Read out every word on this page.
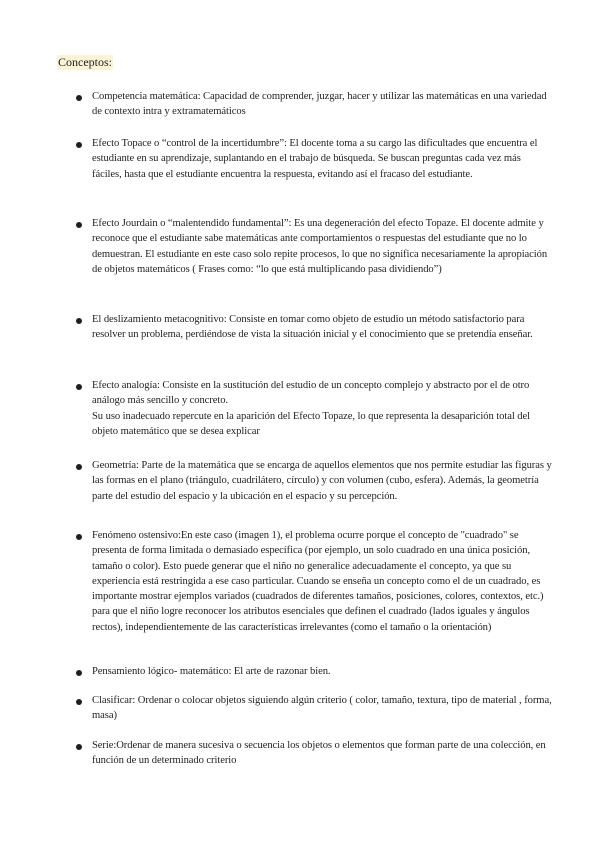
Conceptos:

Competencia matemática: Capacidad de comprender, juzgar, hacer y utilizar las matemáticas en una variedad de contexto intra y extramatemáticos

Efecto Topace o “control de la incertidumbre”: El docente toma a su cargo las dificultades que encuentra el estudiante en su aprendizaje, suplantando en el trabajo de búsqueda. Se buscan preguntas cada vez más fáciles, hasta que el estudiante encuentra la respuesta, evitando así el fracaso del estudiante.

Efecto Jourdain o “malentendido fundamental”: Es una degeneración del efecto Topaze. El docente admite y reconoce que el estudiante sabe matemáticas ante comportamientos o respuestas del estudiante que no lo demuestran. El estudiante en este caso solo repite procesos, lo que no significa necesariamente la apropiación de objetos matemáticos ( Frases como: “lo que está multiplicando pasa dividiendo”)

El deslizamiento metacognitivo: Consiste en tomar como objeto de estudio un método satisfactorio para resolver un problema, perdiéndose de vista la situación inicial y el conocimiento que se pretendía enseñar.

Efecto analogía: Consiste en la sustitución del estudio de un concepto complejo y abstracto por el de otro análogo más sencillo y concreto.

Su uso inadecuado repercute en la aparición del Efecto Topaze, lo que representa la desaparición total del objeto matemático que se desea explicar

Geometría: Parte de la matemática que se encarga de aquellos elementos que nos permite estudiar las figuras y las formas en el plano (triángulo, cuadrilátero, círculo) y con volumen (cubo, esfera). Además, la geometría parte del estudio del espacio y la ubicación en el espacio y su percepción.

Fenómeno ostensivo:En este caso (imagen 1), el problema ocurre porque el concepto de "cuadrado" se presenta de forma limitada o demasiado específica (por ejemplo, un solo cuadrado en una única posición, tamaño o color). Esto puede generar que el niño no generalice adecuadamente el concepto, ya que su experiencia está restringida a ese caso particular. Cuando se enseña un concepto como el de un cuadrado, es importante mostrar ejemplos variados (cuadrados de diferentes tamaños, posiciones, colores, contextos, etc.) para que el niño logre reconocer los atributos esenciales que definen el cuadrado (lados iguales y ángulos rectos), independientemente de las características irrelevantes (como el tamaño o la orientación)

Pensamiento lógico- matemático: El arte de razonar bien.

Clasificar: Ordenar o colocar objetos siguiendo algún criterio ( color, tamaño, textura, tipo de material , forma, masa)

Serie:Ordenar de manera sucesiva o secuencia los objetos o elementos que forman parte de una colección, en función de un determinado criterio
